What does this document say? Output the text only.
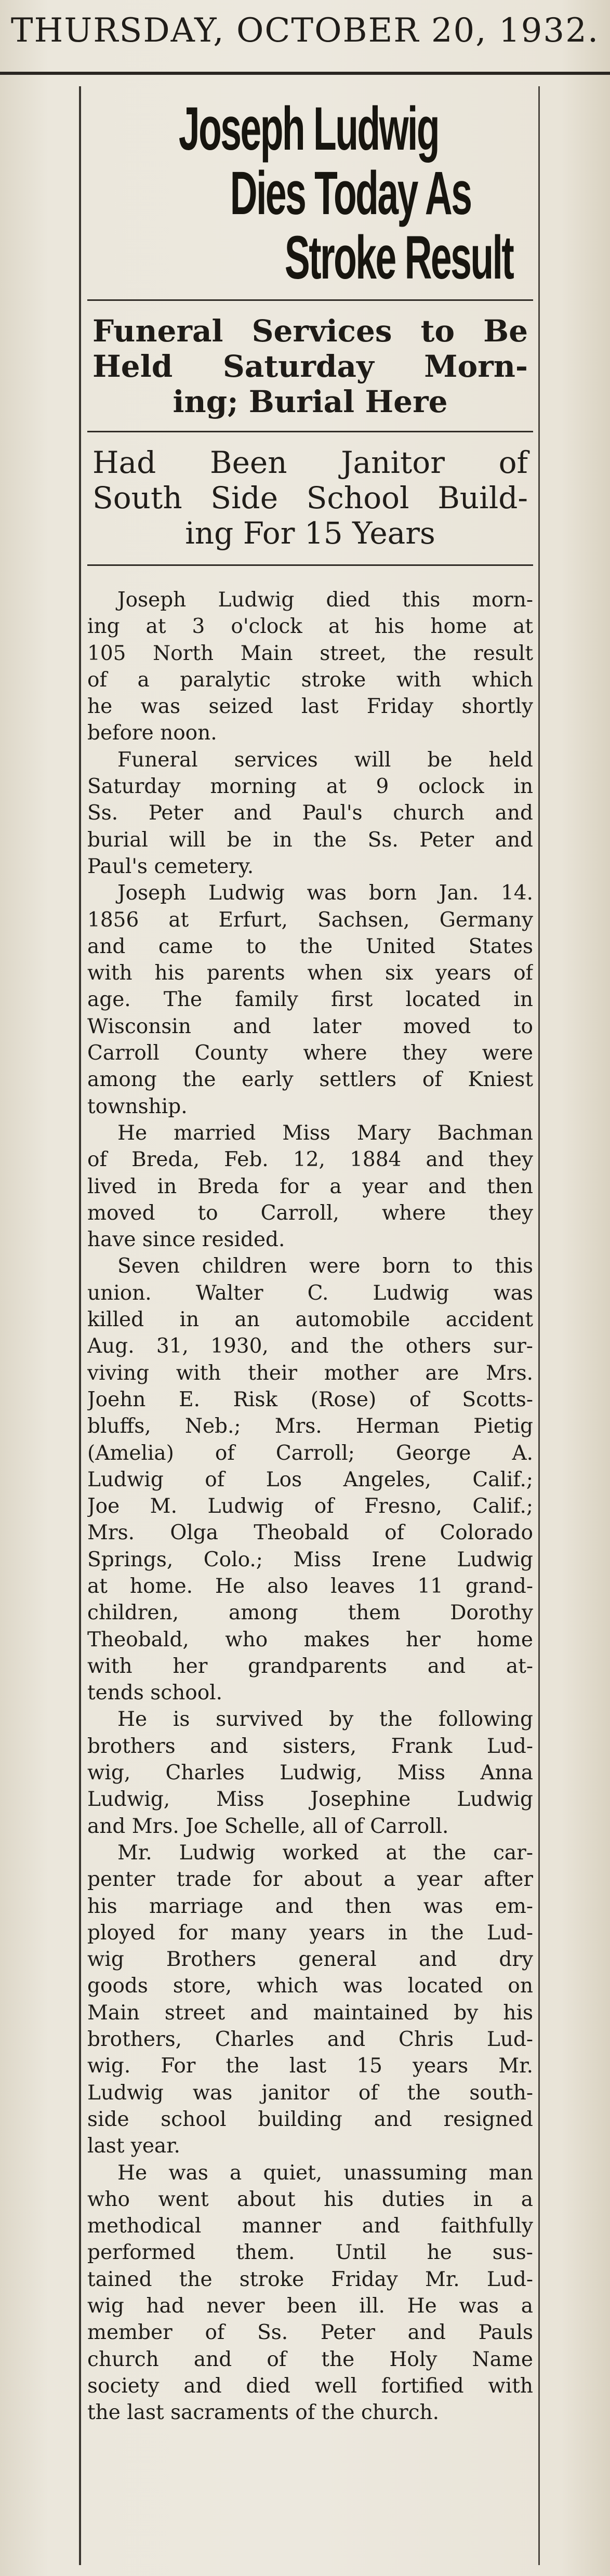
THURSDAY, OCTOBER 20, 1932.
Joseph Ludwig
Dies Today As
Stroke Result
Funeral Services to Be
Held Saturday Morn-
ing; Burial Here
Had Been Janitor of
South Side School Build-
ing For 15 Years
Joseph Ludwig died this morn-
ing at 3 o'clock at his home at
105 North Main street, the result
of a paralytic stroke with which
he was seized last Friday shortly
before noon.
Funeral services will be held
Saturday morning at 9 oclock in
Ss. Peter and Paul's church and
burial will be in the Ss. Peter and
Paul's cemetery.
Joseph Ludwig was born Jan. 14.
1856 at Erfurt, Sachsen, Germany
and came to the United States
with his parents when six years of
age. The family first located in
Wisconsin and later moved to
Carroll County where they were
among the early settlers of Kniest
township.
He married Miss Mary Bachman
of Breda, Feb. 12, 1884 and they
lived in Breda for a year and then
moved to Carroll, where they
have since resided.
Seven children were born to this
union. Walter C. Ludwig was
killed in an automobile accident
Aug. 31, 1930, and the others sur-
viving with their mother are Mrs.
Joehn E. Risk (Rose) of Scotts-
bluffs, Neb.; Mrs. Herman Pietig
(Amelia) of Carroll; George A.
Ludwig of Los Angeles, Calif.;
Joe M. Ludwig of Fresno, Calif.;
Mrs. Olga Theobald of Colorado
Springs, Colo.; Miss Irene Ludwig
at home. He also leaves 11 grand-
children, among them Dorothy
Theobald, who makes her home
with her grandparents and at-
tends school.
He is survived by the following
brothers and sisters, Frank Lud-
wig, Charles Ludwig, Miss Anna
Ludwig, Miss Josephine Ludwig
and Mrs. Joe Schelle, all of Carroll.
Mr. Ludwig worked at the car-
penter trade for about a year after
his marriage and then was em-
ployed for many years in the Lud-
wig Brothers general and dry
goods store, which was located on
Main street and maintained by his
brothers, Charles and Chris Lud-
wig. For the last 15 years Mr.
Ludwig was janitor of the south-
side school building and resigned
last year.
He was a quiet, unassuming man
who went about his duties in a
methodical manner and faithfully
performed them. Until he sus-
tained the stroke Friday Mr. Lud-
wig had never been ill. He was a
member of Ss. Peter and Pauls
church and of the Holy Name
society and died well fortified with
the last sacraments of the church.
